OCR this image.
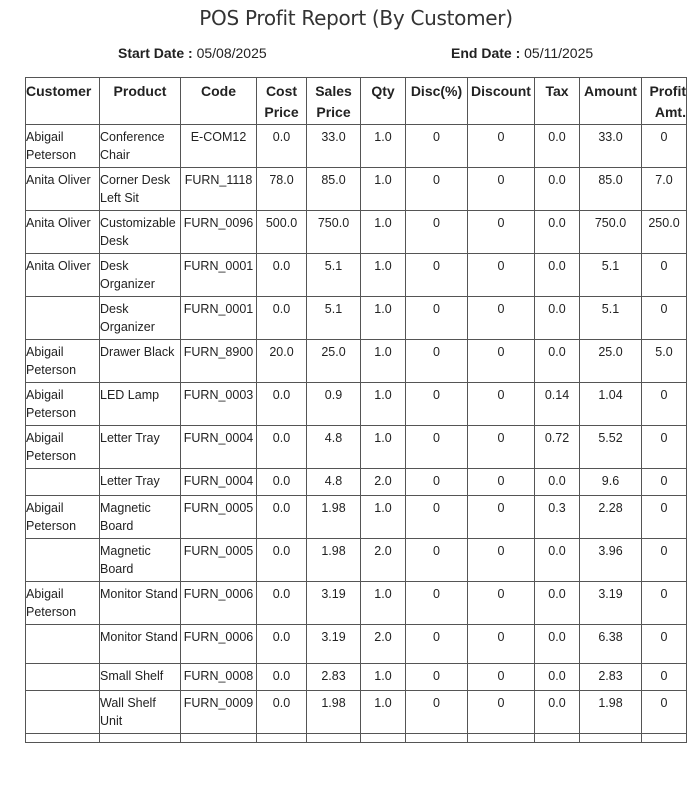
POS Profit Report (By Customer)
Start Date : 05/08/2025	End Date : 05/11/2025
Customer	Product	Code	Cost Price	Sales Price	Qty	Disc(%)	Discount	Tax	Amount	Profit Amt.
Abigail Peterson	Conference Chair	E-COM12	0.0	33.0	1.0	0	0	0.0	33.0	0
Anita Oliver	Corner Desk Left Sit	FURN_1118	78.0	85.0	1.0	0	0	0.0	85.0	7.0
Anita Oliver	Customizable Desk	FURN_0096	500.0	750.0	1.0	0	0	0.0	750.0	250.0
Anita Oliver	Desk Organizer	FURN_0001	0.0	5.1	1.0	0	0	0.0	5.1	0
	Desk Organizer	FURN_0001	0.0	5.1	1.0	0	0	0.0	5.1	0
Abigail Peterson	Drawer Black	FURN_8900	20.0	25.0	1.0	0	0	0.0	25.0	5.0
Abigail Peterson	LED Lamp	FURN_0003	0.0	0.9	1.0	0	0	0.14	1.04	0
Abigail Peterson	Letter Tray	FURN_0004	0.0	4.8	1.0	0	0	0.72	5.52	0
	Letter Tray	FURN_0004	0.0	4.8	2.0	0	0	0.0	9.6	0
Abigail Peterson	Magnetic Board	FURN_0005	0.0	1.98	1.0	0	0	0.3	2.28	0
	Magnetic Board	FURN_0005	0.0	1.98	2.0	0	0	0.0	3.96	0
Abigail Peterson	Monitor Stand	FURN_0006	0.0	3.19	1.0	0	0	0.0	3.19	0
	Monitor Stand	FURN_0006	0.0	3.19	2.0	0	0	0.0	6.38	0
	Small Shelf	FURN_0008	0.0	2.83	1.0	0	0	0.0	2.83	0
	Wall Shelf Unit	FURN_0009	0.0	1.98	1.0	0	0	0.0	1.98	0
